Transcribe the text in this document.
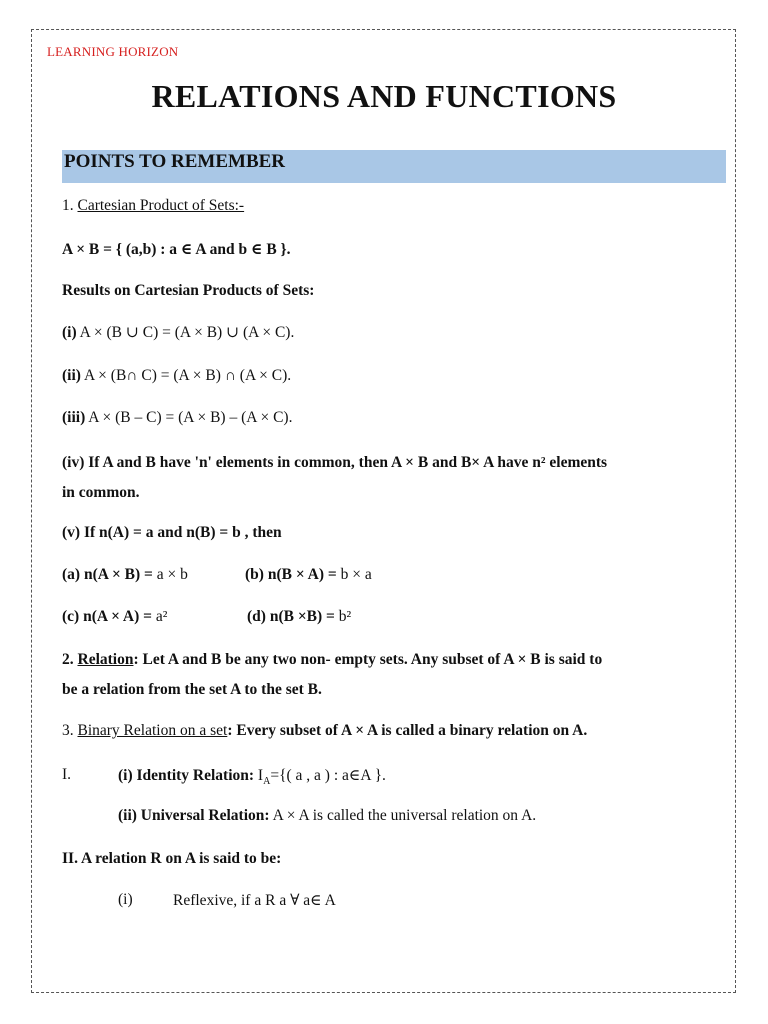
LEARNING HORIZON
RELATIONS AND FUNCTIONS
POINTS TO REMEMBER
1. Cartesian Product of Sets:-
A × B = { (a,b) : a ∈ A and b ∈ B }.
Results on Cartesian Products of Sets:
(i) A × (B ∪ C) = (A × B) ∪ (A × C).
(ii) A × (B∩ C) = (A × B) ∩ (A × C).
(iii) A × (B – C) = (A × B) – (A × C).
(iv) If A and B have 'n' elements in common, then A × B and B× A have n² elements
in common.
(v) If n(A) = a and n(B) = b , then
(a) n(A × B) = a × b	(b) n(B × A) = b × a
(c) n(A × A) = a²	(d) n(B ×B) = b²
2. Relation: Let A and B be any two non- empty sets. Any subset of A × B is said to
be a relation from the set A to the set B.
3. Binary Relation on a set: Every subset of A × A is called a binary relation on A.
I.	(i) Identity Relation: $I_A=${( a , a ) : a∈A }.
(ii) Universal Relation: A × A is called the universal relation on A.
II. A relation R on A is said to be:
(i)	Reflexive, if a R a ∀ a∈ A
